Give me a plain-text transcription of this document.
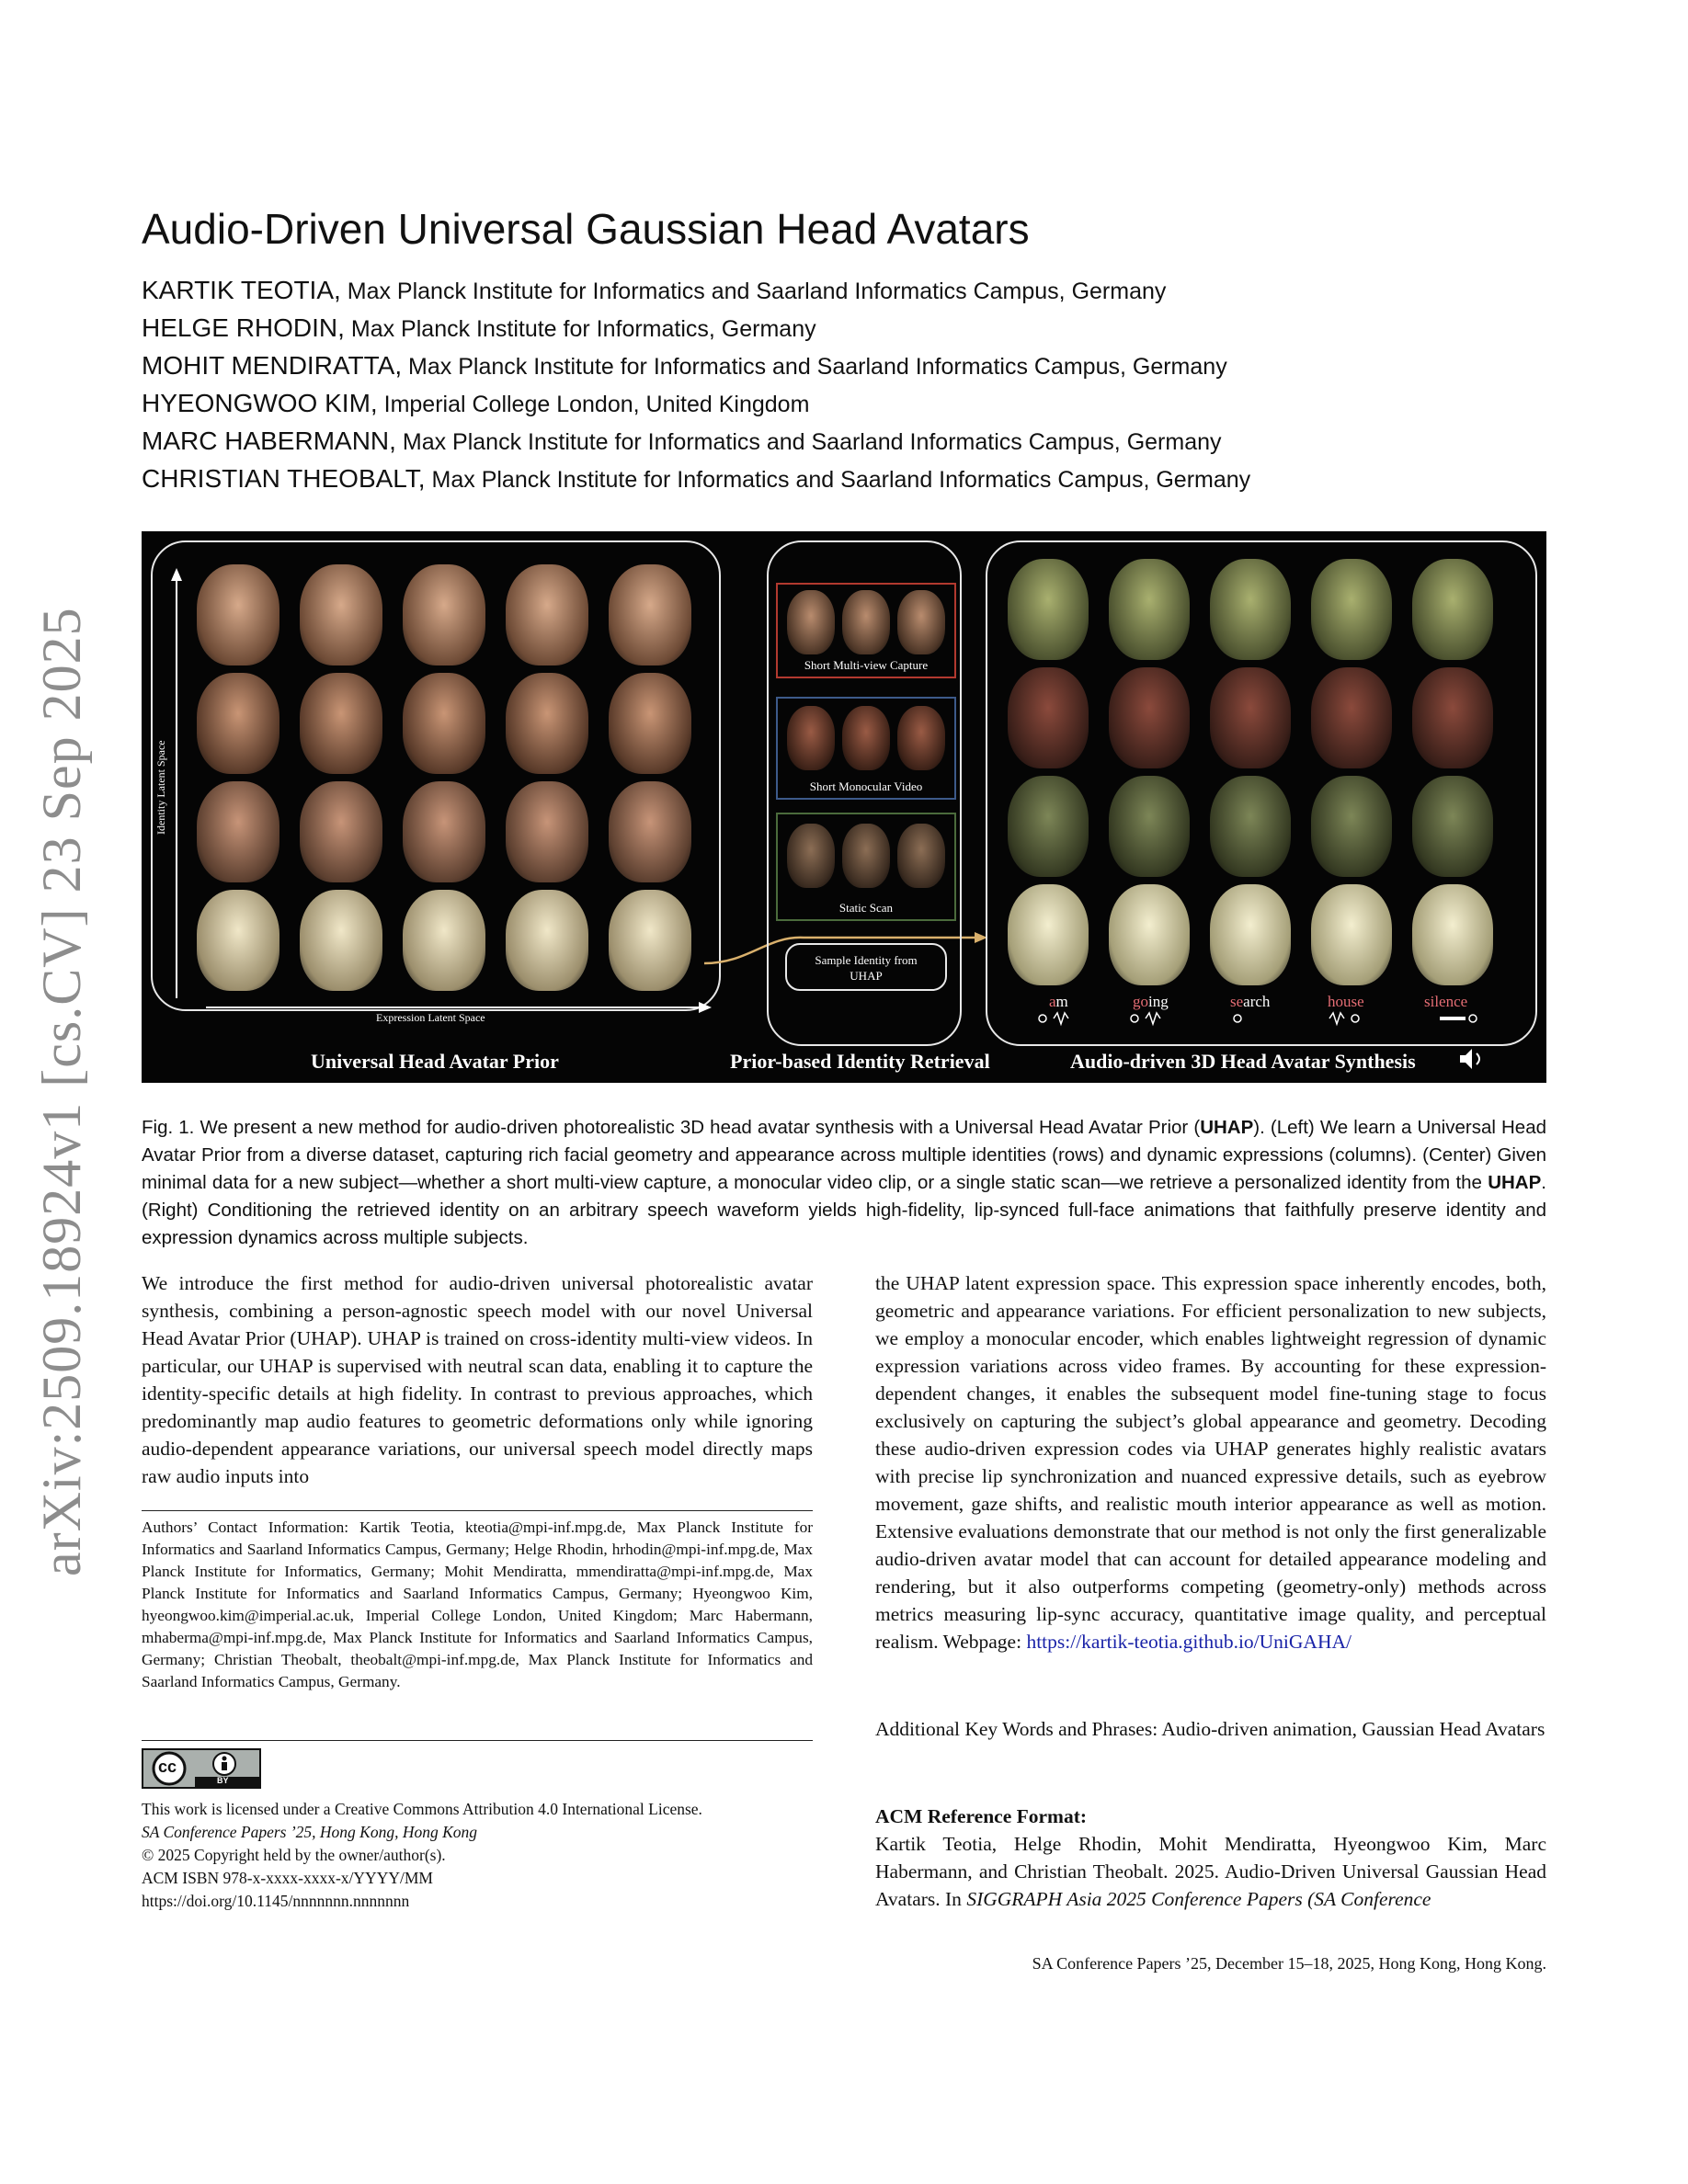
arXiv:2509.18924v1 [cs.CV] 23 Sep 2025
Audio-Driven Universal Gaussian Head Avatars
KARTIK TEOTIA, Max Planck Institute for Informatics and Saarland Informatics Campus, Germany
HELGE RHODIN, Max Planck Institute for Informatics, Germany
MOHIT MENDIRATTA, Max Planck Institute for Informatics and Saarland Informatics Campus, Germany
HYEONGWOO KIM, Imperial College London, United Kingdom
MARC HABERMANN, Max Planck Institute for Informatics and Saarland Informatics Campus, Germany
CHRISTIAN THEOBALT, Max Planck Institute for Informatics and Saarland Informatics Campus, Germany
Identity Latent Space
Expression Latent Space
Short Multi-view Capture
Short Monocular Video
Static Scan
Sample Identity from UHAP
am	going	search	house	silence
Universal Head Avatar Prior	Prior-based Identity Retrieval	Audio-driven 3D Head Avatar Synthesis
Fig. 1. We present a new method for audio-driven photorealistic 3D head avatar synthesis with a Universal Head Avatar Prior (UHAP). (Left) We learn a Universal Head Avatar Prior from a diverse dataset, capturing rich facial geometry and appearance across multiple identities (rows) and dynamic expressions (columns). (Center) Given minimal data for a new subject—whether a short multi-view capture, a monocular video clip, or a single static scan—we retrieve a personalized identity from the UHAP. (Right) Conditioning the retrieved identity on an arbitrary speech waveform yields high-fidelity, lip-synced full-face animations that faithfully preserve identity and expression dynamics across multiple subjects.
We introduce the first method for audio-driven universal photorealistic avatar synthesis, combining a person-agnostic speech model with our novel Universal Head Avatar Prior (UHAP). UHAP is trained on cross-identity multi-view videos. In particular, our UHAP is supervised with neutral scan data, enabling it to capture the identity-specific details at high fidelity. In contrast to previous approaches, which predominantly map audio features to geometric deformations only while ignoring audio-dependent appearance variations, our universal speech model directly maps raw audio inputs into
the UHAP latent expression space. This expression space inherently encodes, both, geometric and appearance variations. For efficient personalization to new subjects, we employ a monocular encoder, which enables lightweight regression of dynamic expression variations across video frames. By accounting for these expression-dependent changes, it enables the subsequent model fine-tuning stage to focus exclusively on capturing the subject’s global appearance and geometry. Decoding these audio-driven expression codes via UHAP generates highly realistic avatars with precise lip synchronization and nuanced expressive details, such as eyebrow movement, gaze shifts, and realistic mouth interior appearance as well as motion. Extensive evaluations demonstrate that our method is not only the first generalizable audio-driven avatar model that can account for detailed appearance modeling and rendering, but it also outperforms competing (geometry-only) methods across metrics measuring lip-sync accuracy, quantitative image quality, and perceptual realism. Webpage: https://kartik-teotia.github.io/UniGAHA/
Authors’ Contact Information: Kartik Teotia, kteotia@mpi-inf.mpg.de, Max Planck Institute for Informatics and Saarland Informatics Campus, Germany; Helge Rhodin, hrhodin@mpi-inf.mpg.de, Max Planck Institute for Informatics, Germany; Mohit Mendiratta, mmendiratta@mpi-inf.mpg.de, Max Planck Institute for Informatics and Saarland Informatics Campus, Germany; Hyeongwoo Kim, hyeongwoo.kim@imperial.ac.uk, Imperial College London, United Kingdom; Marc Habermann, mhaberma@mpi-inf.mpg.de, Max Planck Institute for Informatics and Saarland Informatics Campus, Germany; Christian Theobalt, theobalt@mpi-inf.mpg.de, Max Planck Institute for Informatics and Saarland Informatics Campus, Germany.
cc
BY
This work is licensed under a Creative Commons Attribution 4.0 International License.
SA Conference Papers ’25, Hong Kong, Hong Kong
© 2025 Copyright held by the owner/author(s).
ACM ISBN 978-x-xxxx-xxxx-x/YYYY/MM
https://doi.org/10.1145/nnnnnnn.nnnnnnn
Additional Key Words and Phrases: Audio-driven animation, Gaussian Head Avatars
ACM Reference Format:
Kartik Teotia, Helge Rhodin, Mohit Mendiratta, Hyeongwoo Kim, Marc Habermann, and Christian Theobalt. 2025. Audio-Driven Universal Gaussian Head Avatars. In SIGGRAPH Asia 2025 Conference Papers (SA Conference
SA Conference Papers ’25, December 15–18, 2025, Hong Kong, Hong Kong.
